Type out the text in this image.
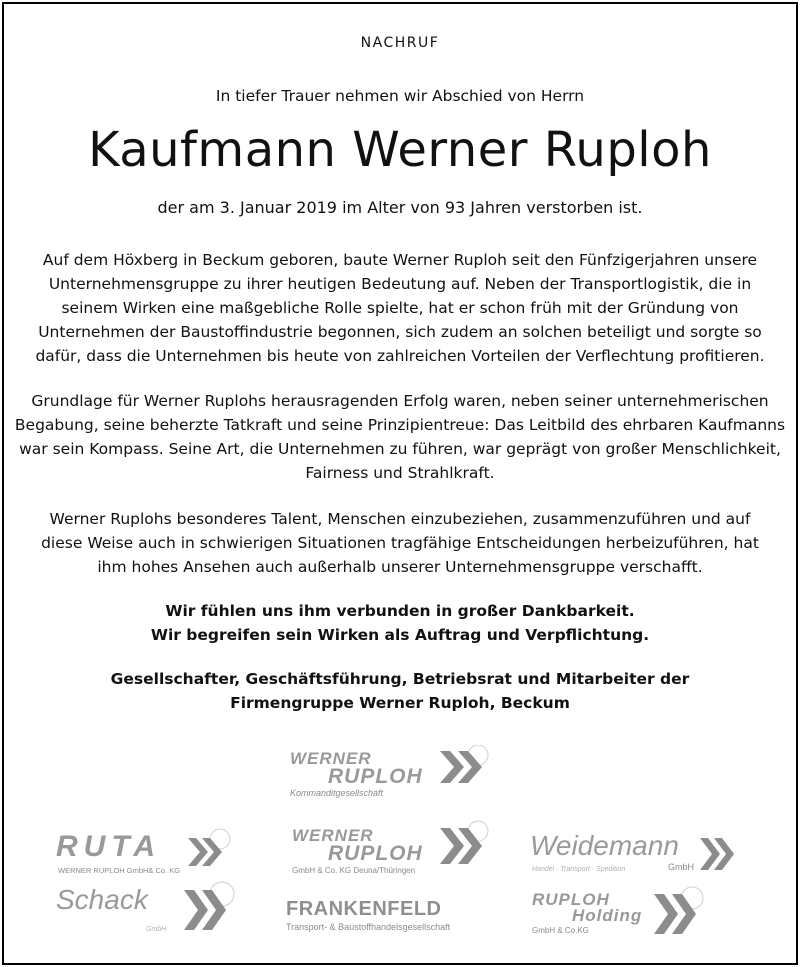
NACHRUF
In tiefer Trauer nehmen wir Abschied von Herrn
Kaufmann Werner Ruploh
der am 3. Januar 2019 im Alter von 93 Jahren verstorben ist.
Auf dem Höxberg in Beckum geboren, baute Werner Ruploh seit den Fünfzigerjahren unsere
Unternehmensgruppe zu ihrer heutigen Bedeutung auf. Neben der Transportlogistik, die in
seinem Wirken eine maßgebliche Rolle spielte, hat er schon früh mit der Gründung von
Unternehmen der Baustoffindustrie begonnen, sich zudem an solchen beteiligt und sorgte so
dafür, dass die Unternehmen bis heute von zahlreichen Vorteilen der Verflechtung profitieren.
Grundlage für Werner Ruplohs herausragenden Erfolg waren, neben seiner unternehmerischen
Begabung, seine beherzte Tatkraft und seine Prinzipientreue: Das Leitbild des ehrbaren Kaufmanns
war sein Kompass. Seine Art, die Unternehmen zu führen, war geprägt von großer Menschlichkeit,
Fairness und Strahlkraft.
Werner Ruplohs besonderes Talent, Menschen einzubeziehen, zusammenzuführen und auf
diese Weise auch in schwierigen Situationen tragfähige Entscheidungen herbeizuführen, hat
ihm hohes Ansehen auch außerhalb unserer Unternehmensgruppe verschafft.
Wir fühlen uns ihm verbunden in großer Dankbarkeit.
Wir begreifen sein Wirken als Auftrag und Verpflichtung.
Gesellschafter, Geschäftsführung, Betriebsrat und Mitarbeiter der
Firmengruppe Werner Ruploh, Beckum
WERNER
RUPLOH
Kommanditgesellschaft
RUTA
WERNER RUPLOH GmbH& Co. KG
WERNER
RUPLOH
GmbH & Co. KG Deuna/Thüringen
Weidemann
GmbH
Handel · Transport · Spedition
Schack
GmbH
FRANKENFELD
Transport- & Baustoffhandelsgesellschaft
RUPLOH
Holding
GmbH & Co.KG
